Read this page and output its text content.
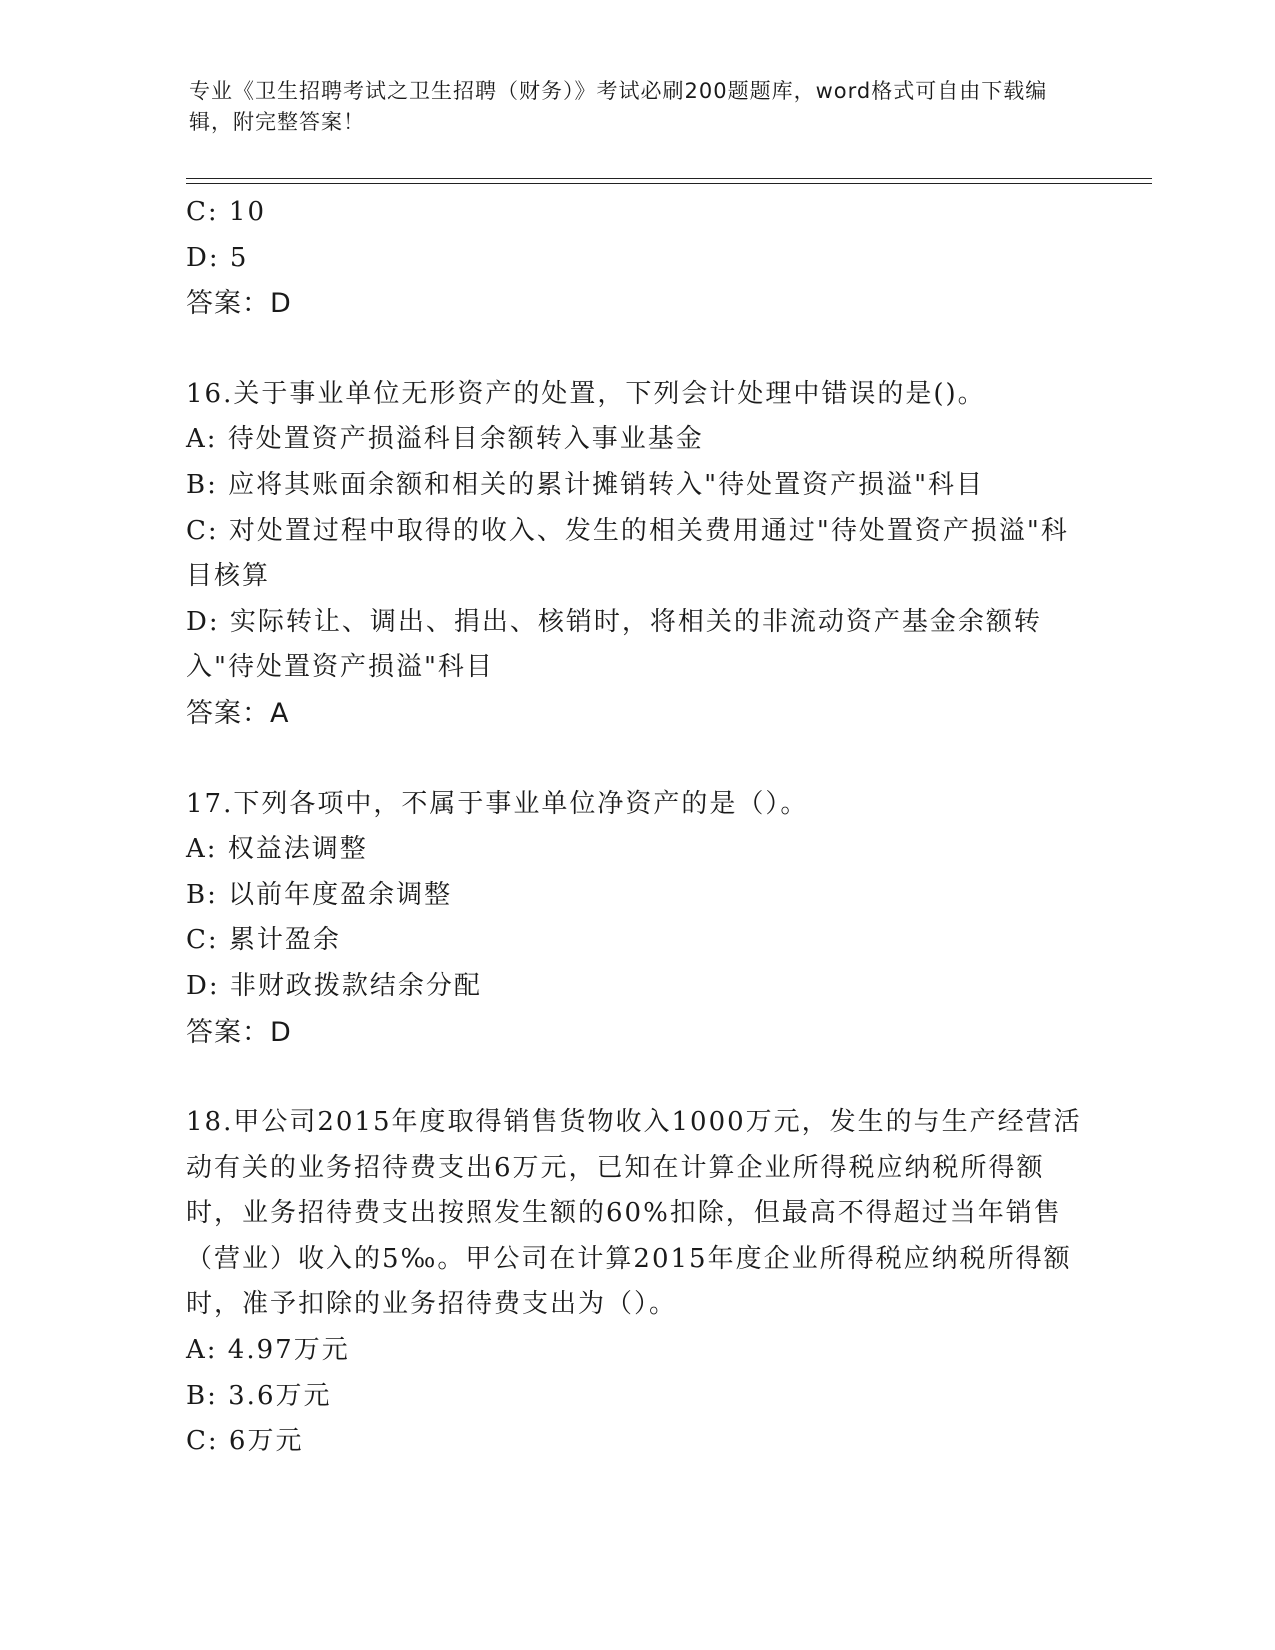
专业《卫生招聘考试之卫生招聘（财务）》考试必刷200题题库，word格式可自由下载编辑，附完整答案！

C: 10

D: 5

答案：D

16.关于事业单位无形资产的处置，下列会计处理中错误的是()。

A: 待处置资产损溢科目余额转入事业基金

B: 应将其账面余额和相关的累计摊销转入"待处置资产损溢"科目

C: 对处置过程中取得的收入、发生的相关费用通过"待处置资产损溢"科目核算

D: 实际转让、调出、捐出、核销时，将相关的非流动资产基金余额转入"待处置资产损溢"科目

答案：A

17.下列各项中，不属于事业单位净资产的是（）。

A: 权益法调整

B: 以前年度盈余调整

C: 累计盈余

D: 非财政拨款结余分配

答案：D

18.甲公司2015年度取得销售货物收入1000万元，发生的与生产经营活动有关的业务招待费支出6万元，已知在计算企业所得税应纳税所得额时，业务招待费支出按照发生额的60%扣除，但最高不得超过当年销售（营业）收入的5‰。甲公司在计算2015年度企业所得税应纳税所得额时，准予扣除的业务招待费支出为（）。

A: 4.97万元

B: 3.6万元

C: 6万元
